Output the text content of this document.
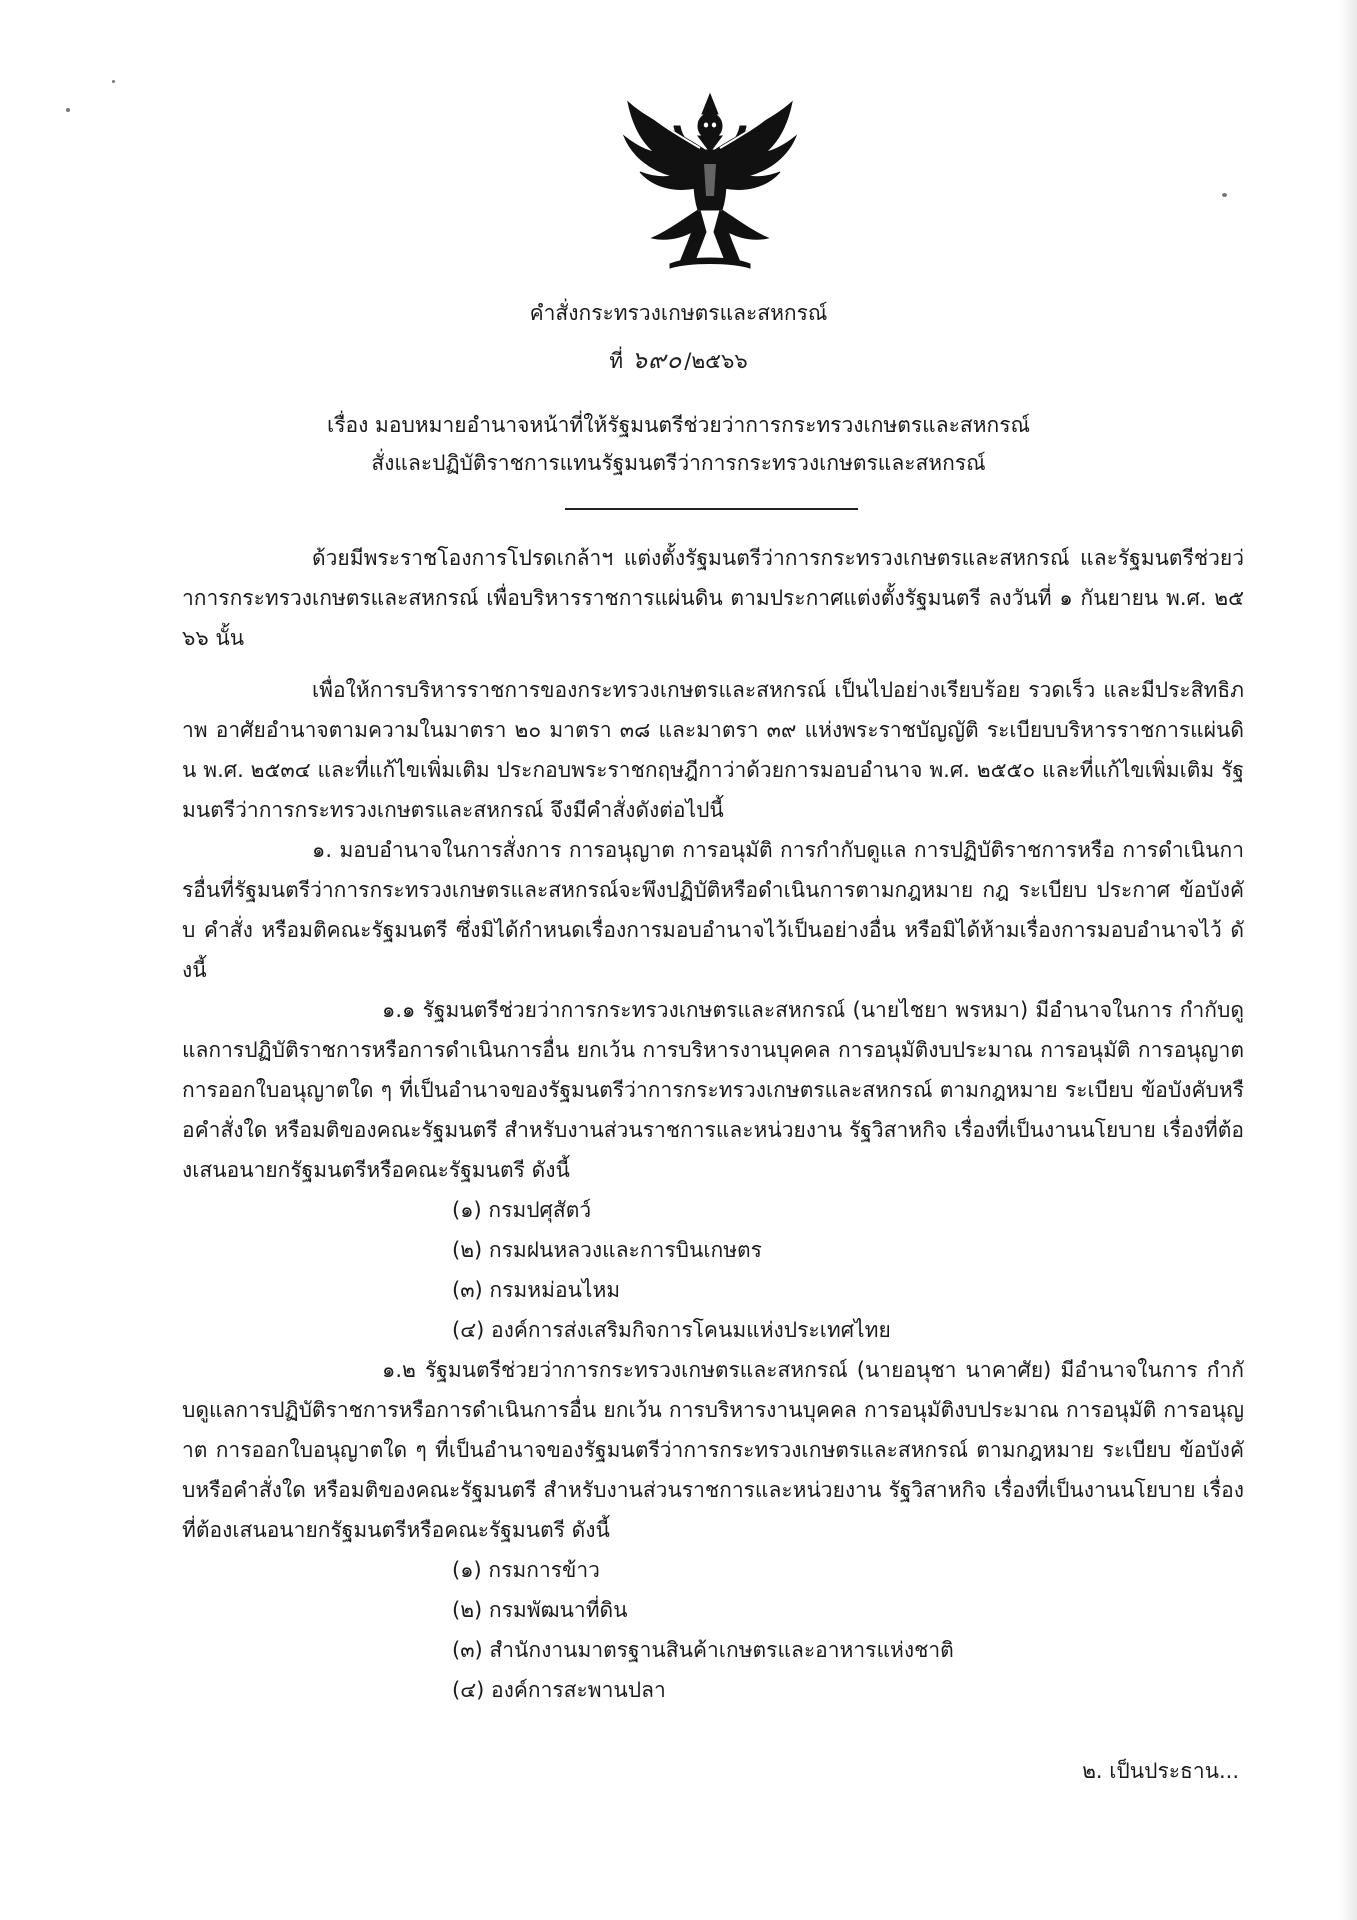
คำสั่งกระทรวงเกษตรและสหกรณ์
ที่ ๖๙๐/๒๕๖๖
เรื่อง มอบหมายอำนาจหน้าที่ให้รัฐมนตรีช่วยว่าการกระทรวงเกษตรและสหกรณ์
สั่งและปฏิบัติราชการแทนรัฐมนตรีว่าการกระทรวงเกษตรและสหกรณ์

ด้วยมีพระราชโองการโปรดเกล้าฯ แต่งตั้งรัฐมนตรีว่าการกระทรวงเกษตรและสหกรณ์ และรัฐมนตรีช่วยว่าการกระทรวงเกษตรและสหกรณ์ เพื่อบริหารราชการแผ่นดิน ตามประกาศแต่งตั้งรัฐมนตรี ลงวันที่ ๑ กันยายน พ.ศ. ๒๕๖๖ นั้น

เพื่อให้การบริหารราชการของกระทรวงเกษตรและสหกรณ์ เป็นไปอย่างเรียบร้อย รวดเร็ว และมีประสิทธิภาพ อาศัยอำนาจตามความในมาตรา ๒๐ มาตรา ๓๘ และมาตรา ๓๙ แห่งพระราชบัญญัติ ระเบียบบริหารราชการแผ่นดิน พ.ศ. ๒๕๓๔ และที่แก้ไขเพิ่มเติม ประกอบพระราชกฤษฎีกาว่าด้วยการมอบอำนาจ พ.ศ. ๒๕๕๐ และที่แก้ไขเพิ่มเติม รัฐมนตรีว่าการกระทรวงเกษตรและสหกรณ์ จึงมีคำสั่งดังต่อไปนี้

๑. มอบอำนาจในการสั่งการ การอนุญาต การอนุมัติ การกำกับดูแล การปฏิบัติราชการหรือ การดำเนินการอื่นที่รัฐมนตรีว่าการกระทรวงเกษตรและสหกรณ์จะพึงปฏิบัติหรือดำเนินการตามกฎหมาย กฎ ระเบียบ ประกาศ ข้อบังคับ คำสั่ง หรือมติคณะรัฐมนตรี ซึ่งมิได้กำหนดเรื่องการมอบอำนาจไว้เป็นอย่างอื่น หรือมิได้ห้ามเรื่องการมอบอำนาจไว้ ดังนี้

๑.๑ รัฐมนตรีช่วยว่าการกระทรวงเกษตรและสหกรณ์ (นายไชยา พรหมา) มีอำนาจในการ กำกับดูแลการปฏิบัติราชการหรือการดำเนินการอื่น ยกเว้น การบริหารงานบุคคล การอนุมัติงบประมาณ การอนุมัติ การอนุญาต การออกใบอนุญาตใด ๆ ที่เป็นอำนาจของรัฐมนตรีว่าการกระทรวงเกษตรและสหกรณ์ ตามกฎหมาย ระเบียบ ข้อบังคับหรือคำสั่งใด หรือมติของคณะรัฐมนตรี สำหรับงานส่วนราชการและหน่วยงาน รัฐวิสาหกิจ เรื่องที่เป็นงานนโยบาย เรื่องที่ต้องเสนอนายกรัฐมนตรีหรือคณะรัฐมนตรี ดังนี้

(๑) กรมปศุสัตว์

(๒) กรมฝนหลวงและการบินเกษตร

(๓) กรมหม่อนไหม

(๔) องค์การส่งเสริมกิจการโคนมแห่งประเทศไทย

๑.๒ รัฐมนตรีช่วยว่าการกระทรวงเกษตรและสหกรณ์ (นายอนุชา นาคาศัย) มีอำนาจในการ กำกับดูแลการปฏิบัติราชการหรือการดำเนินการอื่น ยกเว้น การบริหารงานบุคคล การอนุมัติงบประมาณ การอนุมัติ การอนุญาต การออกใบอนุญาตใด ๆ ที่เป็นอำนาจของรัฐมนตรีว่าการกระทรวงเกษตรและสหกรณ์ ตามกฎหมาย ระเบียบ ข้อบังคับหรือคำสั่งใด หรือมติของคณะรัฐมนตรี สำหรับงานส่วนราชการและหน่วยงาน รัฐวิสาหกิจ เรื่องที่เป็นงานนโยบาย เรื่องที่ต้องเสนอนายกรัฐมนตรีหรือคณะรัฐมนตรี ดังนี้

(๑) กรมการข้าว

(๒) กรมพัฒนาที่ดิน

(๓) สำนักงานมาตรฐานสินค้าเกษตรและอาหารแห่งชาติ

(๔) องค์การสะพานปลา

๒. เป็นประธาน...
